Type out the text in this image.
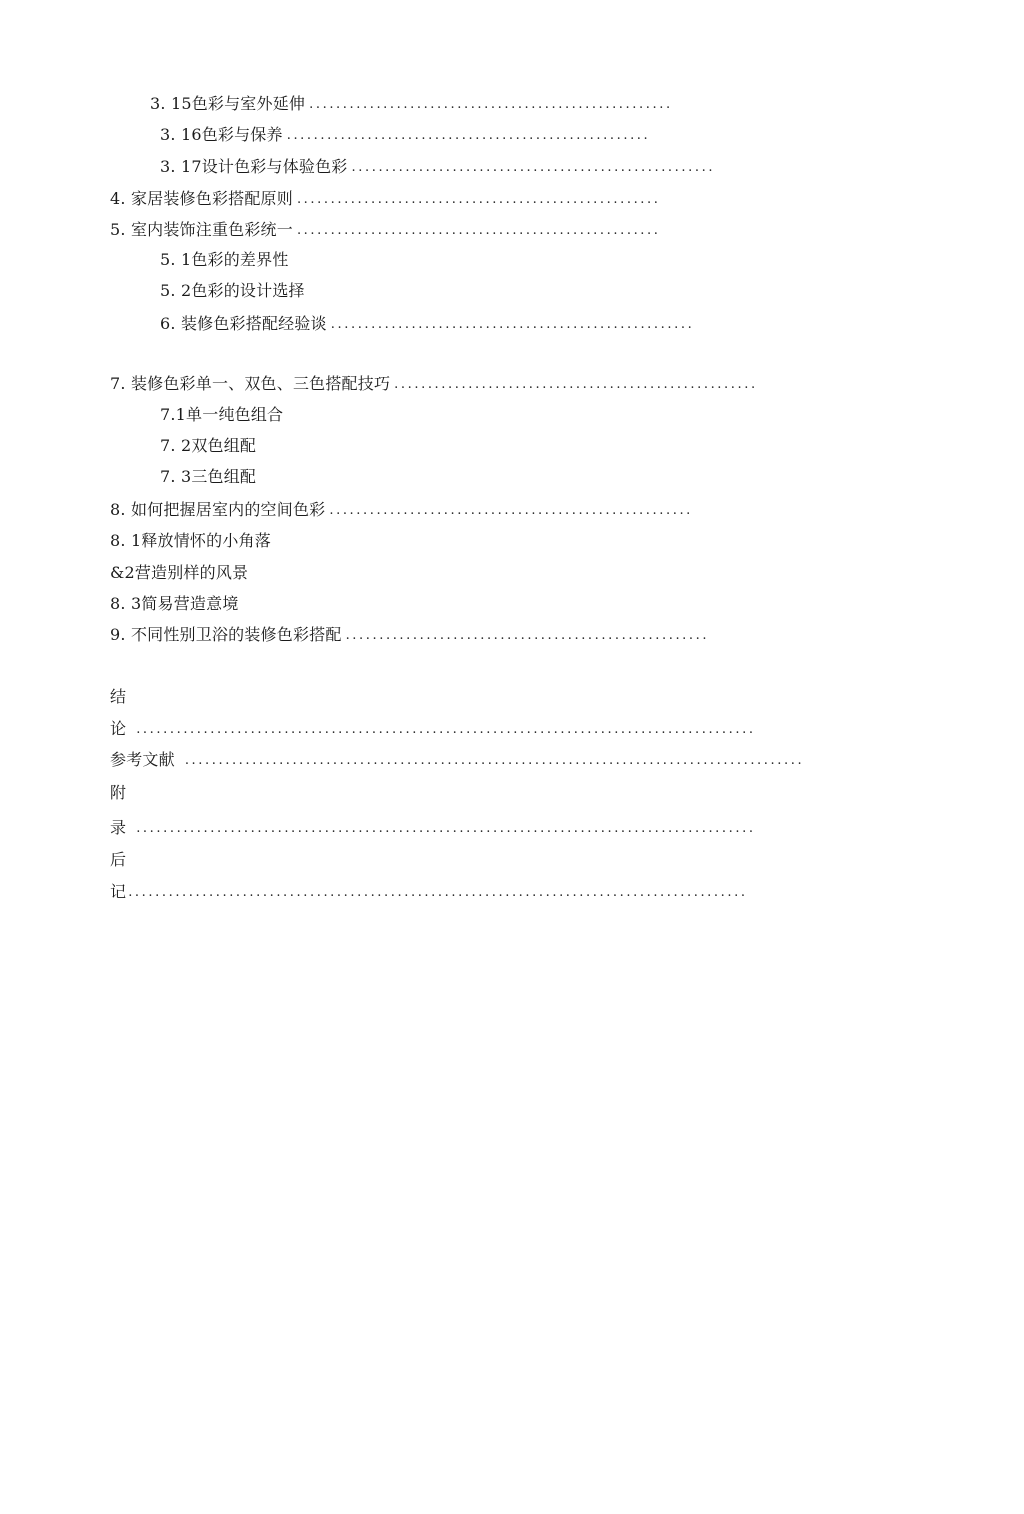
3. 15色彩与室外延伸 ......................................................
3. 16色彩与保养 ......................................................
3. 17设计色彩与体验色彩 ......................................................
4. 家居装修色彩搭配原则 ......................................................
5. 室内装饰注重色彩统一 ......................................................
5. 1色彩的差界性
5. 2色彩的设计选择
6. 装修色彩搭配经验谈 ......................................................
7. 装修色彩单一、双色、三色搭配技巧 ......................................................
7.1单一纯色组合
7. 2双色组配
7. 3三色组配
8. 如何把握居室内的空间色彩 ......................................................
8. 1释放情怀的小角落
&2营造别样的风景
8. 3简易营造意境
9. 不同性别卫浴的装修色彩搭配 ......................................................
结
论 ............................................................................................
参考文献 ............................................................................................
附
录 ............................................................................................
后
记 ............................................................................................
